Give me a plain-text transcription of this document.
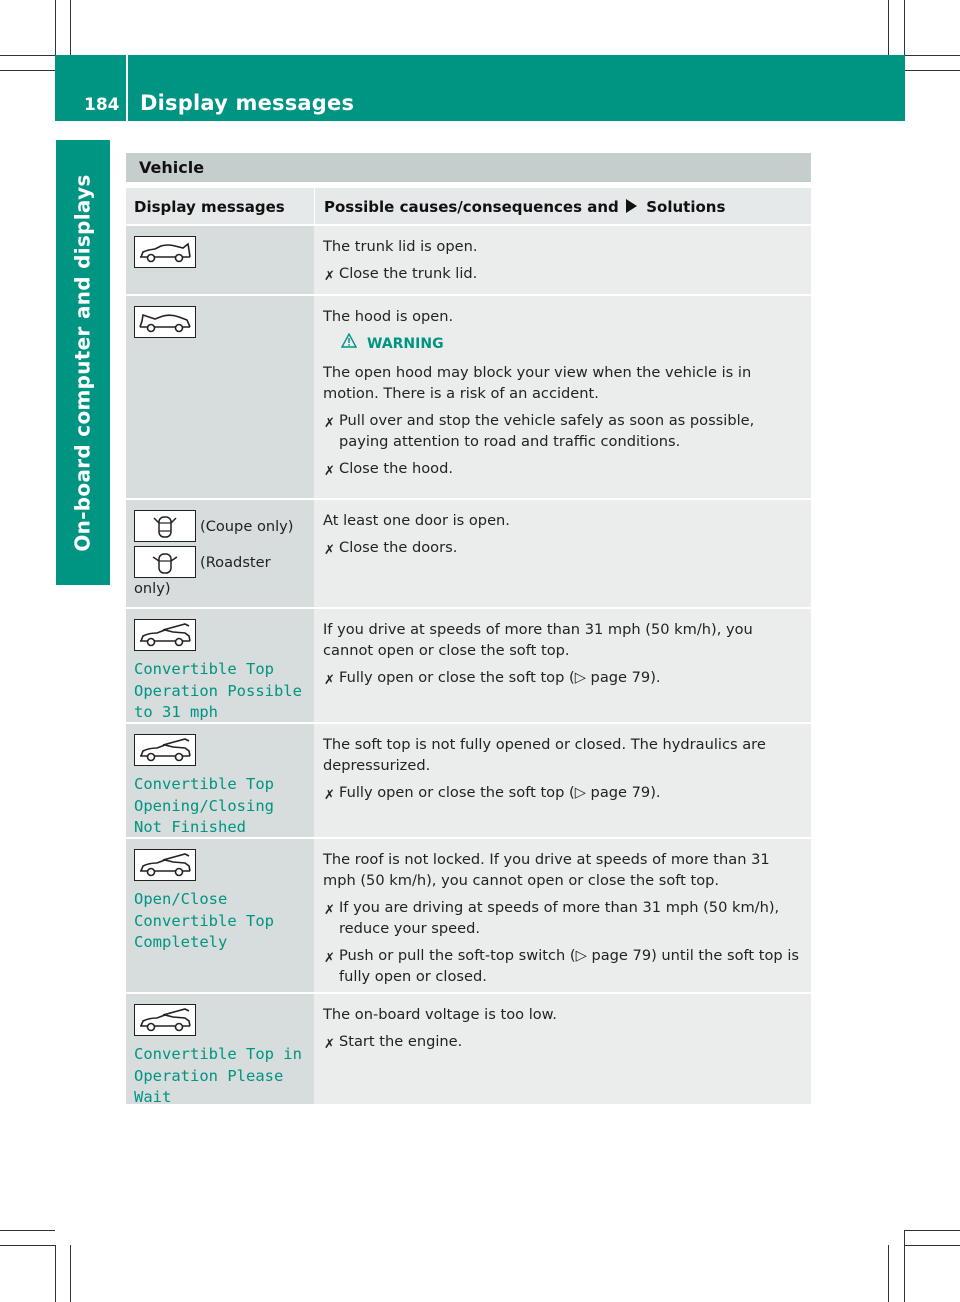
184 Display messages
On-board computer and displays
Vehicle
Display messages	Possible causes/consequences and Solutions
The trunk lid is open.
✗ Close the trunk lid.
The hood is open.
WARNING
The open hood may block your view when the vehicle is in motion. There is a risk of an accident.
✗ Pull over and stop the vehicle safely as soon as possible, paying attention to road and traffic conditions.
✗ Close the hood.
(Coupe only)
(Roadster
only)
At least one door is open.
✗ Close the doors.
Convertible Top
Operation Possible
to 31 mph
If you drive at speeds of more than 31 mph (50 km/h), you cannot open or close the soft top.
✗ Fully open or close the soft top (▷ page 79).
Convertible Top
Opening/Closing
Not Finished
The soft top is not fully opened or closed. The hydraulics are depressurized.
✗ Fully open or close the soft top (▷ page 79).
Open/Close
Convertible Top
Completely
The roof is not locked. If you drive at speeds of more than 31 mph (50 km/h), you cannot open or close the soft top.
✗ If you are driving at speeds of more than 31 mph (50 km/h), reduce your speed.
✗ Push or pull the soft-top switch (▷ page 79) until the soft top is fully open or closed.
Convertible Top in
Operation Please
Wait
The on-board voltage is too low.
✗ Start the engine.
